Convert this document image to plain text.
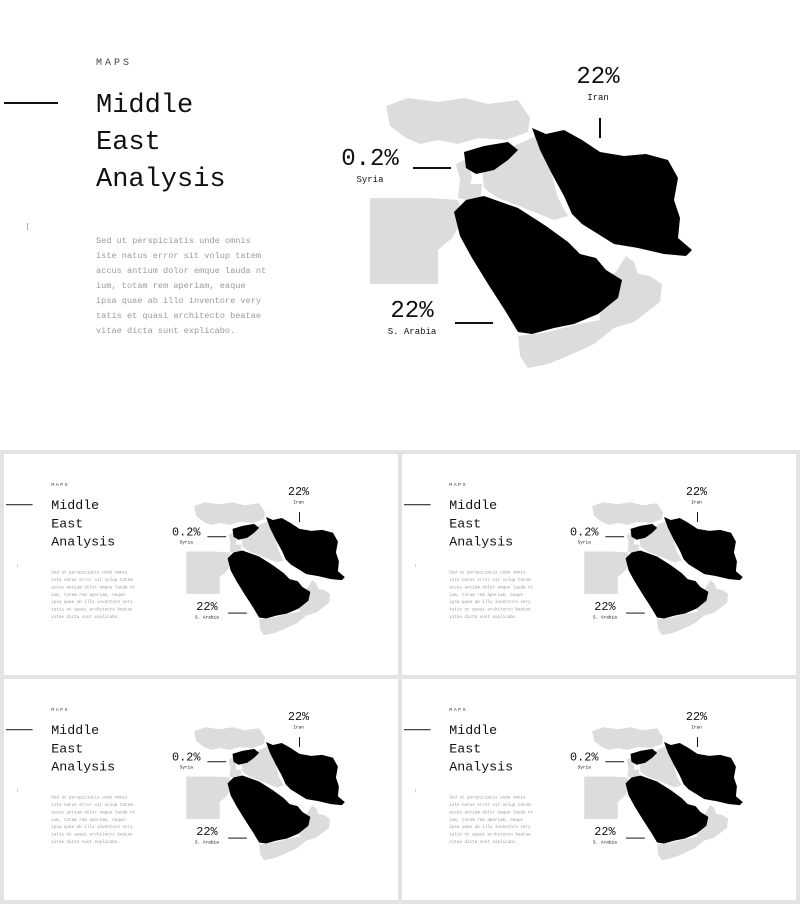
MAPS
Middle
East
Analysis
Sed ut perspiciatis unde omnis iste natus error sit volup tatem accus antium dolor emque lauda nt ium, totam rem aperiam, eaque ipsa quae ab illo inventore very tatis et quasi architecto beatae vitae dicta sunt explicabo.
22%
Iran
0.2%
Syria
22%
S. Arabia
MAPS
Middle
East
Analysis
Sed ut perspiciatis unde omnis iste natus error sit volup tatem accus antium dolor emque lauda nt ium, totam rem aperiam, eaque ipsa quae ab illo inventore very tatis et quasi architecto beatae vitae dicta sunt explicabo.
22%
Iran
0.2%
Syria
22%
S. Arabia
MAPS
Middle
East
Analysis
Sed ut perspiciatis unde omnis iste natus error sit volup tatem accus antium dolor emque lauda nt ium, totam rem aperiam, eaque ipsa quae ab illo inventore very tatis et quasi architecto beatae vitae dicta sunt explicabo.
22%
Iran
0.2%
Syria
22%
S. Arabia
MAPS
Middle
East
Analysis
Sed ut perspiciatis unde omnis iste natus error sit volup tatem accus antium dolor emque lauda nt ium, totam rem aperiam, eaque ipsa quae ab illo inventore very tatis et quasi architecto beatae vitae dicta sunt explicabo.
22%
Iran
0.2%
Syria
22%
S. Arabia
MAPS
Middle
East
Analysis
Sed ut perspiciatis unde omnis iste natus error sit volup tatem accus antium dolor emque lauda nt ium, totam rem aperiam, eaque ipsa quae ab illo inventore very tatis et quasi architecto beatae vitae dicta sunt explicabo.
22%
Iran
0.2%
Syria
22%
S. Arabia
